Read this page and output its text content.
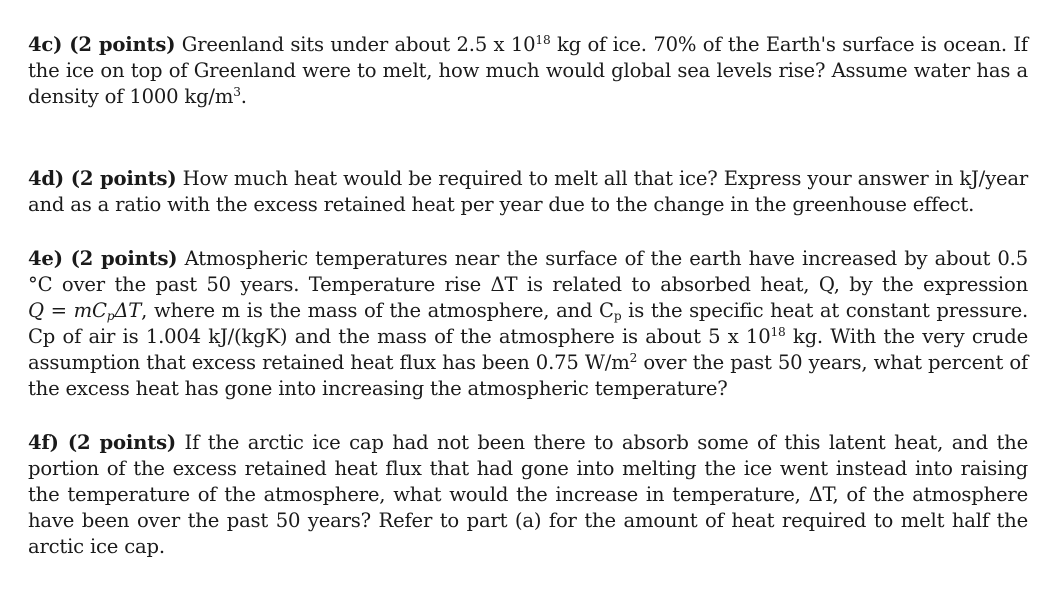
4c) (2 points) Greenland sits under about 2.5 x $10^{18}$ kg of ice. 70% of the Earth's surface is ocean. If the ice on top of Greenland were to melt, how much would global sea levels rise? Assume water has a density of 1000 $kg/m^3$.

4d) (2 points) How much heat would be required to melt all that ice? Express your answer in kJ/year and as a ratio with the excess retained heat per year due to the change in the greenhouse effect.

4e) (2 points) Atmospheric temperatures near the surface of the earth have increased by about 0.5 °C over the past 50 years. Temperature rise ΔT is related to absorbed heat, Q, by the expression $Q = mC_p\Delta T$, where m is the mass of the atmosphere, and $C_p$ is the specific heat at constant pressure. Cp of air is 1.004 kJ/(kgK) and the mass of the atmosphere is about 5 x $10^{18}$ kg. With the very crude assumption that excess retained heat flux has been 0.75 $W/m^2$ over the past 50 years, what percent of the excess heat has gone into increasing the atmospheric temperature?

4f) (2 points) If the arctic ice cap had not been there to absorb some of this latent heat, and the portion of the excess retained heat flux that had gone into melting the ice went instead into raising the temperature of the atmosphere, what would the increase in temperature, ΔT, of the atmosphere have been over the past 50 years? Refer to part (a) for the amount of heat required to melt half the arctic ice cap.
